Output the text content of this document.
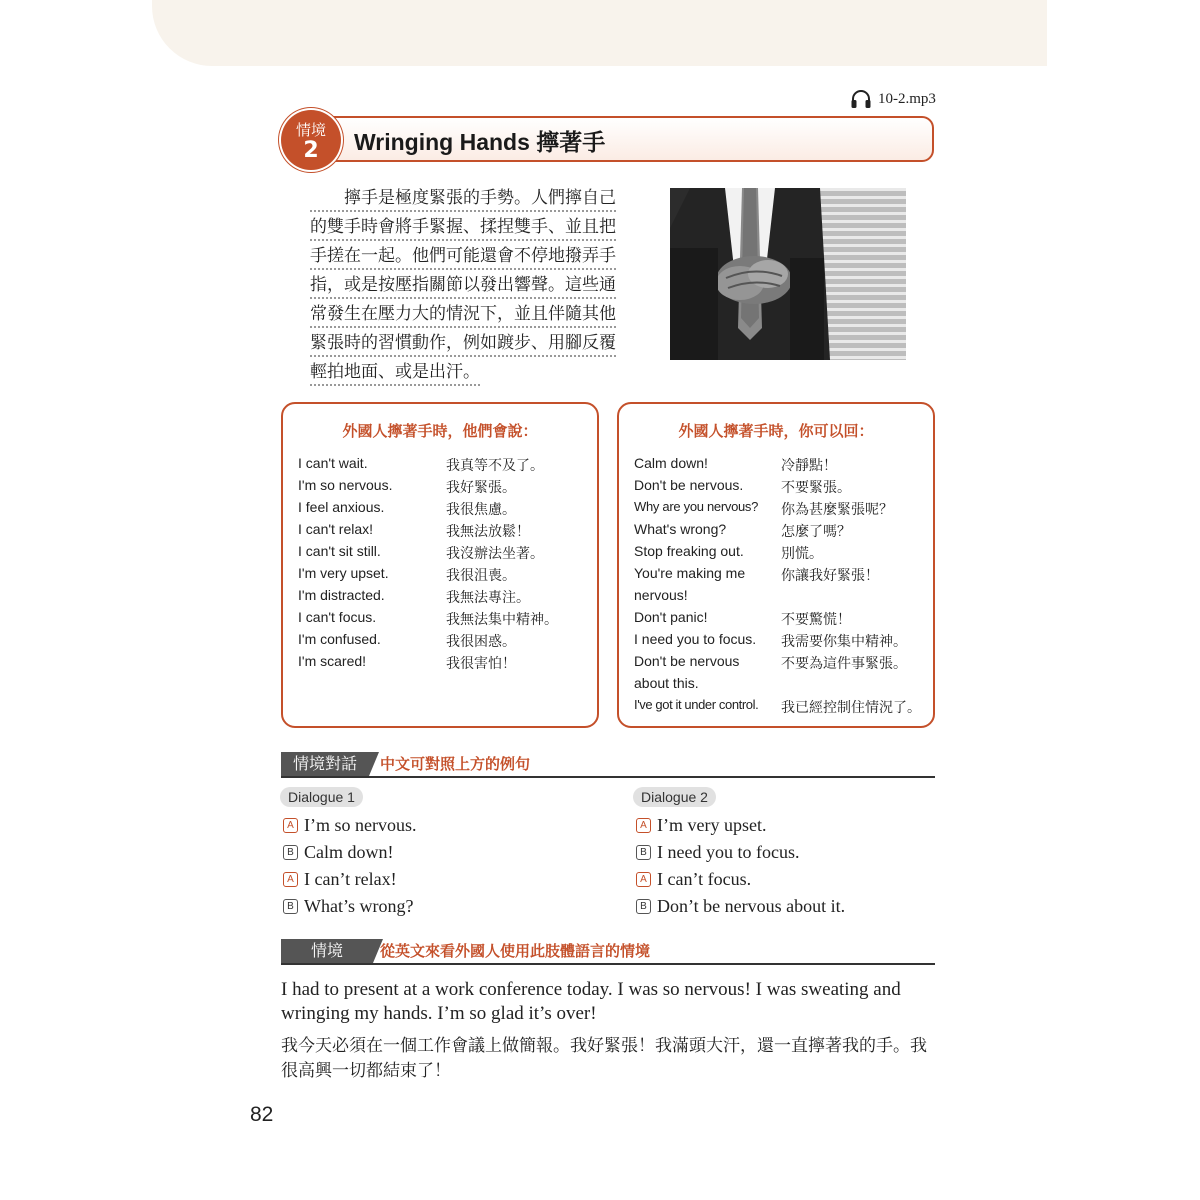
10-2.mp3
情境
2	Wringing Hands 擰著手
　　擰手是極度緊張的手勢。人們擰自己
的雙手時會將手緊握、揉捏雙手、並且把
手搓在一起。他們可能還會不停地撥弄手
指，或是按壓指關節以發出響聲。這些通
常發生在壓力大的情況下，並且伴隨其他
緊張時的習慣動作，例如踱步、用腳反覆
輕拍地面、或是出汗。
外國人擰著手時，他們會說：
I can't wait.	我真等不及了。
I'm so nervous.	我好緊張。
I feel anxious.	我很焦慮。
I can't relax!	我無法放鬆！
I can't sit still.	我沒辦法坐著。
I'm very upset.	我很沮喪。
I'm distracted.	我無法專注。
I can't focus.	我無法集中精神。
I'm confused.	我很困惑。
I'm scared!	我很害怕！
外國人擰著手時，你可以回：
Calm down!	冷靜點！
Don't be nervous.	不要緊張。
Why are you nervous? 你為甚麼緊張呢？
What's wrong?	怎麼了嗎？
Stop freaking out.	別慌。
You're making me	你讓我好緊張！
nervous!
Don't panic!	不要驚慌！
I need you to focus. 我需要你集中精神。
Don't be nervous	不要為這件事緊張。
about this.
I've got it under control. 我已經控制住情況了。
情境對話	中文可對照上方的例句
Dialogue 1
A I’m so nervous.
B Calm down!
A I can’t relax!
B What’s wrong?
Dialogue 2
A I’m very upset.
B I need you to focus.
A I can’t focus.
B Don’t be nervous about it.
情境	從英文來看外國人使用此肢體語言的情境
I had to present at a work conference today. I was so nervous! I was sweating and wringing my hands. I’m so glad it’s over!
我今天必須在一個工作會議上做簡報。我好緊張！我滿頭大汗，還一直擰著我的手。我很高興一切都結束了！
82
